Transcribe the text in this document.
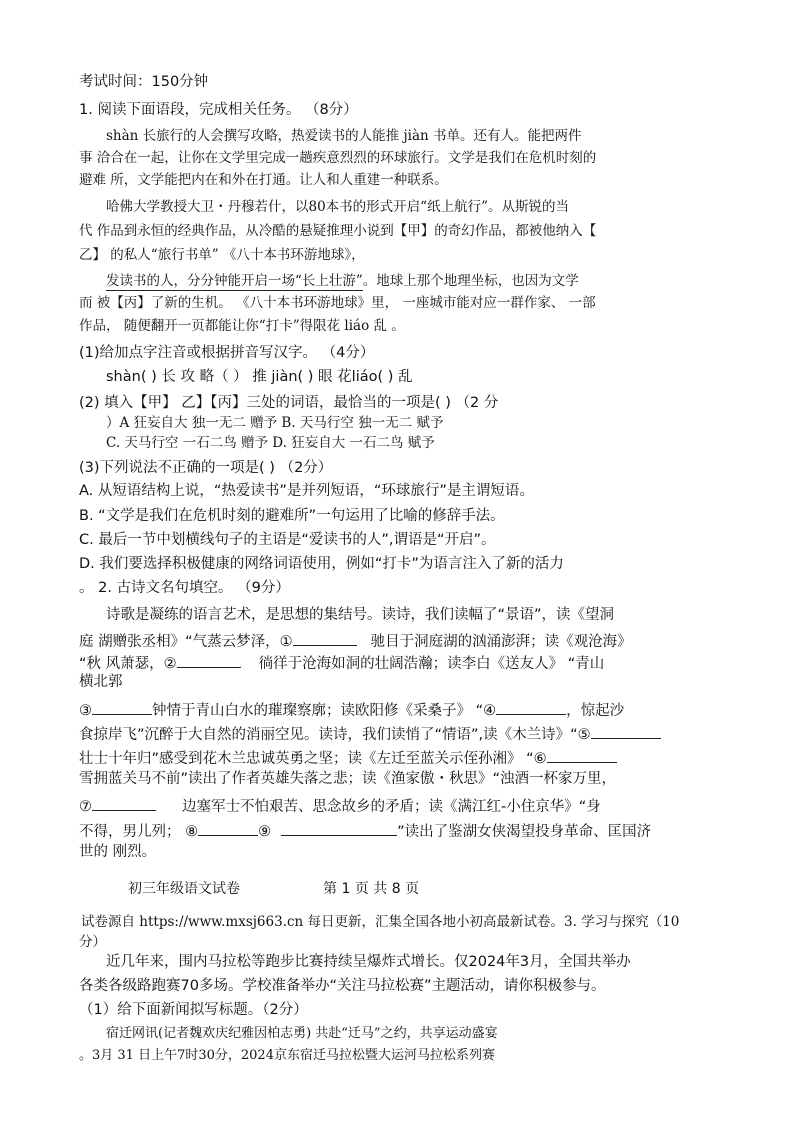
考试时间：150分钟
1. 阅读下面语段，完成相关任务。 （8分）
shàn 长旅行的人会撰写攻略，热爱读书的人能推 jiàn 书单。还有人。能把两件
事 洽合在一起，让你在文学里完成一趟疾意烈烈的环球旅行。文学是我们在危机时刻的
避难 所，文学能把内在和外在打通。让人和人重建一种联系。
哈佛大学教授大卫・丹穆若什，以80本书的形式开启“纸上航行”。从斯锐的当
代 作品到永恒的经典作品，从冷酷的悬疑推理小说到【甲】的奇幻作品，都被他纳入【
乙】 的私人“旅行书单” 《八十本书环游地球》，
发读书的人，分分钟能开启一场“长上壮游”。地球上那个地理坐标，也因为文学
而 被【丙】了新的生机。 《八十本书环游地球》里， 一座城市能对应一群作家、 一部
作品， 随便翻开一页都能让你“打卡”得限花 liáo 乱 。
(1)给加点字注音或根据拼音写汉字。 （4分）
shàn( ) 长 攻 略（ ） 推 jiàn( ) 眼 花liáo( ) 乱
(2) 填入【甲】 乙】【丙】三处的词语，最恰当的一项是( ) （2 分
）A 狂妄自大 独一无二 赠予 B. 天马行空 独一无二 赋予
C. 天马行空 一石二鸟 赠予 D. 狂妄自大 一石二鸟 赋予
(3)下列说法不正确的一项是( ) （2分）
A. 从短语结构上说，“热爱读书”是并列短语，“环球旅行”是主谓短语。
B. “文学是我们在危机时刻的避难所”一句运用了比喻的修辞手法。
C. 最后一节中划横线句子的主语是“爱读书的人”,谓语是“开启”。
D. 我们要选择积极健康的网络词语使用，例如“打卡”为语言注入了新的活力
。 2. 古诗文名句填空。 （9分）
诗歌是凝练的语言艺术，是思想的集结号。读诗，我们读幅了“景语”，读《望洞
庭 湖赠张丞相》“气蒸云梦泽，①	驰目于洞庭湖的汹涌澎湃；读《观沧海》
“秋 风萧瑟，②	徜徉于沧海如洞的壮阔浩瀚；读李白《送友人》 “青山
横北郭
③	钟情于青山白水的璀璨察廓；读欧阳修《采桑子》 “④	，惊起沙
食掠岸飞”沉醉于大自然的消丽空见。读诗，我们读悄了“情语”,读《木兰诗》“⑤
壮士十年归”感受到花木兰忠诚英勇之坚；读《左迁至蓝关示侄孙湘》 “⑥
雪拥蓝关马不前”读出了作者英雄失落之悲；读《渔家傲・秋思》“浊酒一杯家万里，
⑦	边塞军士不怕艰苦、思念故乡的矛盾；读《满江红-小住京华》“身
不得，男儿列； ⑧	⑨	”读出了鉴湖女侠渴望投身革命、匡国济
世的 刚烈。
初三年级语文试卷	第 1 页 共 8 页
试卷源自 https://www.mxsj663.cn 每日更新，汇集全国各地小初高最新试卷。3. 学习与探究（10
分）
近几年来，围内马拉松等跑步比赛持续呈爆炸式增长。仅2024年3月，全国共举办
各类各级路跑赛70多场。学校准备举办“关注马拉松赛”主题活动，请你积极参与。
（1）给下面新闻拟写标题。（2分）
宿迁网讯(记者魏欢庆纪雅因柏志勇) 共赴“迁马”之约，共享运动盛宴
。3月 31 日上午7时30分，2024京东宿迁马拉松暨大运河马拉松系列赛
